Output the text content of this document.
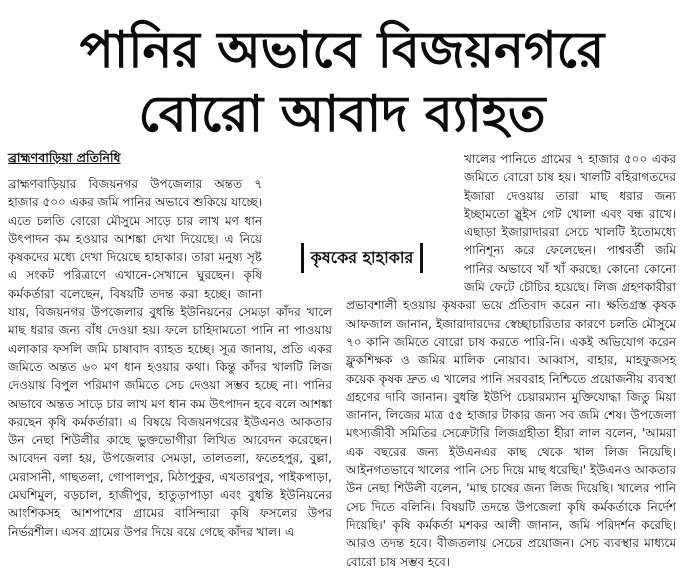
পানির অভাবে বিজয়নগরে
বোরো আবাদ ব্যাহত
ব্রাহ্মণবাড়িয়া প্রতিনিধি

ব্রাহ্মণবাড়িয়ার বিজয়নগর উপজেলার অন্তত ৭ হাজার ৫০০ একর জমি পানির অভাবে শুকিয়ে যাচ্ছে। এতে চলতি বোরো মৌসুমে সাড়ে চার লাখ মণ ধান উৎপাদন কম হওয়ার আশঙ্কা দেখা দিয়েছে। এ নিয়ে কৃষকদের মধ্যে দেখা দিয়েছে হাহাকার। তারা মনুষ্য সৃষ্ট এ সংকট পরিত্রাণে এখানে-সেখানে ঘুরছেন। কৃষি কর্মকর্তারা বলেছেন, বিষয়টি তদন্ত করা হচ্ছে। জানা যায়, বিজয়নগর উপজেলার বুধন্তি ইউনিয়নের সেমড়া কাঁদর খালে মাছ ধরার জন্য বাঁধ দেওয়া হয়। ফলে চাহিদামতো পানি না পাওয়ায় এলাকার ফসলি জমি চাষাবাদ ব্যাহত হচ্ছে। সূত্র জানায়, প্রতি একর জমিতে অন্তত ৬০ মণ ধান হওয়ার কথা। কিন্তু কাঁদর খালটি লিজ দেওয়ায় বিপুল পরিমাণ জমিতে সেচ দেওয়া সম্ভব হচ্ছে না। পানির অভাবে অন্তত সাড়ে চার লাখ মণ ধান কম উৎপাদন হবে বলে আশঙ্কা করছেন কৃষি কর্মকর্তারা। এ বিষয়ে বিজয়নগরের ইউএনও আকতার উন নেছা শিউলীর কাছে ভুক্তভোগীরা লিখিত আবেদন করেছেন। আবেদন বলা হয়, উপজেলার সেমড়া, তালতলা, ফতেহপুর, বুল্লা, মেরাসানী, গাছতলা, গোপালপুর, মিঠাপুকুর, এখতারপুর, পাইকপাড়া, মেঘশিমুল, বড়চাল, হাজীপুর, হাতুড়াপাড়া এবং বুধন্তি ইউনিয়নের আংশিকসহ আশপাশের গ্রামের বাসিন্দারা কৃষি ফসলের উপর নির্ভরশীল। এসব গ্রামের উপর দিয়ে বয়ে গেছে কাঁদর খাল। এ

খালের পানিতে গ্রামের ৭ হাজার ৫০০ একর জমিতে বোরো চাষ হয়। খালটি বহিরাগতদের ইজারা দেওয়ায় তারা মাছ ধরার জন্য ইচ্ছামতো স্লুইস গেট খোলা এবং বন্ধ রাখে। এছাড়া ইজারাদাররা সেচে খালটি ইতোমধ্যে পানিশূন্য করে ফেলেছেন। পাশ্ববর্তী জমি পানির অভাবে খাঁ খাঁ করছে। কোনো কোনো জমি ফেটে চৌচির হয়েছে। লিজ গ্রহণকারীরা প্রভাবশালী হওয়ায় কৃষকরা ভয়ে প্রতিবাদ করেন না। ক্ষতিগ্রস্ত কৃষক আফজাল জানান, ইজারাদারদের স্বেচ্ছাচারিতার কারণে চলতি মৌসুমে ৭০ কানি জমিতে বোরো চাষ করতে পারি-নি। একই অভিযোগ করেন ফ্লুকশিক্ষক ও জমির মালিক নোয়াব। আব্বাস, বাহার, মাহফুজসহ কয়েক কৃষক দ্রুত এ খালের পানি সরবরাহ নিশ্চিতে প্রয়োজনীয় ব্যবস্থা গ্রহণের দাবি জানান। বুধন্তি ইউপি চেয়ারম্যান মুক্তিযোদ্ধা জিতু মিয়া জানান, লিজের মাত্র ৫৫ হাজার টাকার জন্য সব জমি শেষ। উপজেলা মৎস্যজীবী সমিতির সেক্রেটারি লিজগ্রহীতা হীরা লাল বলেন, 'আমরা এক বছরের জন্য ইউএনএর কাছ থেকে খাল লিজ নিয়েছি। আইনগতভাবে খালের পানি সেচ দিয়ে মাছ ধরেছি।' ইউএনও আকতার উন নেছা শিউলী বলেন, 'মাছ চাষের জন্য লিজ দিয়েছি। খালের পানি সেচ দিতে বলিনি। বিষয়টি তদন্তে উপজেলা কৃষি কর্মকর্তাকে নির্দেশ দিয়েছি।' কৃষি কর্মকর্তা মশকর আলী জানান, জমি পরিদর্শন করেছি। আরও তদন্ত হবে। বীজতলায় সেচের প্রয়োজন। সেচ ব্যবস্থার মাধ্যমে বোরো চাষ সম্ভব হবে।

কৃষকের হাহাকার
